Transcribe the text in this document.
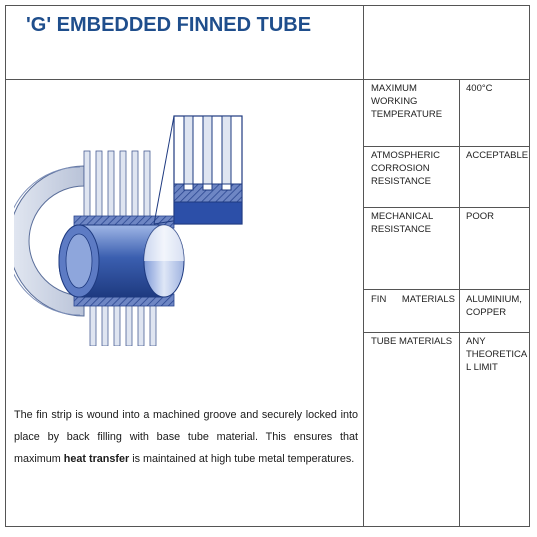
'G' EMBEDDED FINNED TUBE
MAXIMUM WORKING TEMPERATURE
400°C
ATMOSPHERIC CORROSION RESISTANCE
ACCEPTABLE
MECHANICAL RESISTANCE
POOR
FIN MATERIALS ALUMINIUM, COPPER
TUBE MATERIALS	ANY THEORETICA L LIMIT
The fin strip is wound into a machined groove and securely locked into place by back filling with base tube material. This ensures that maximum heat transfer is maintained at high tube metal temperatures.
